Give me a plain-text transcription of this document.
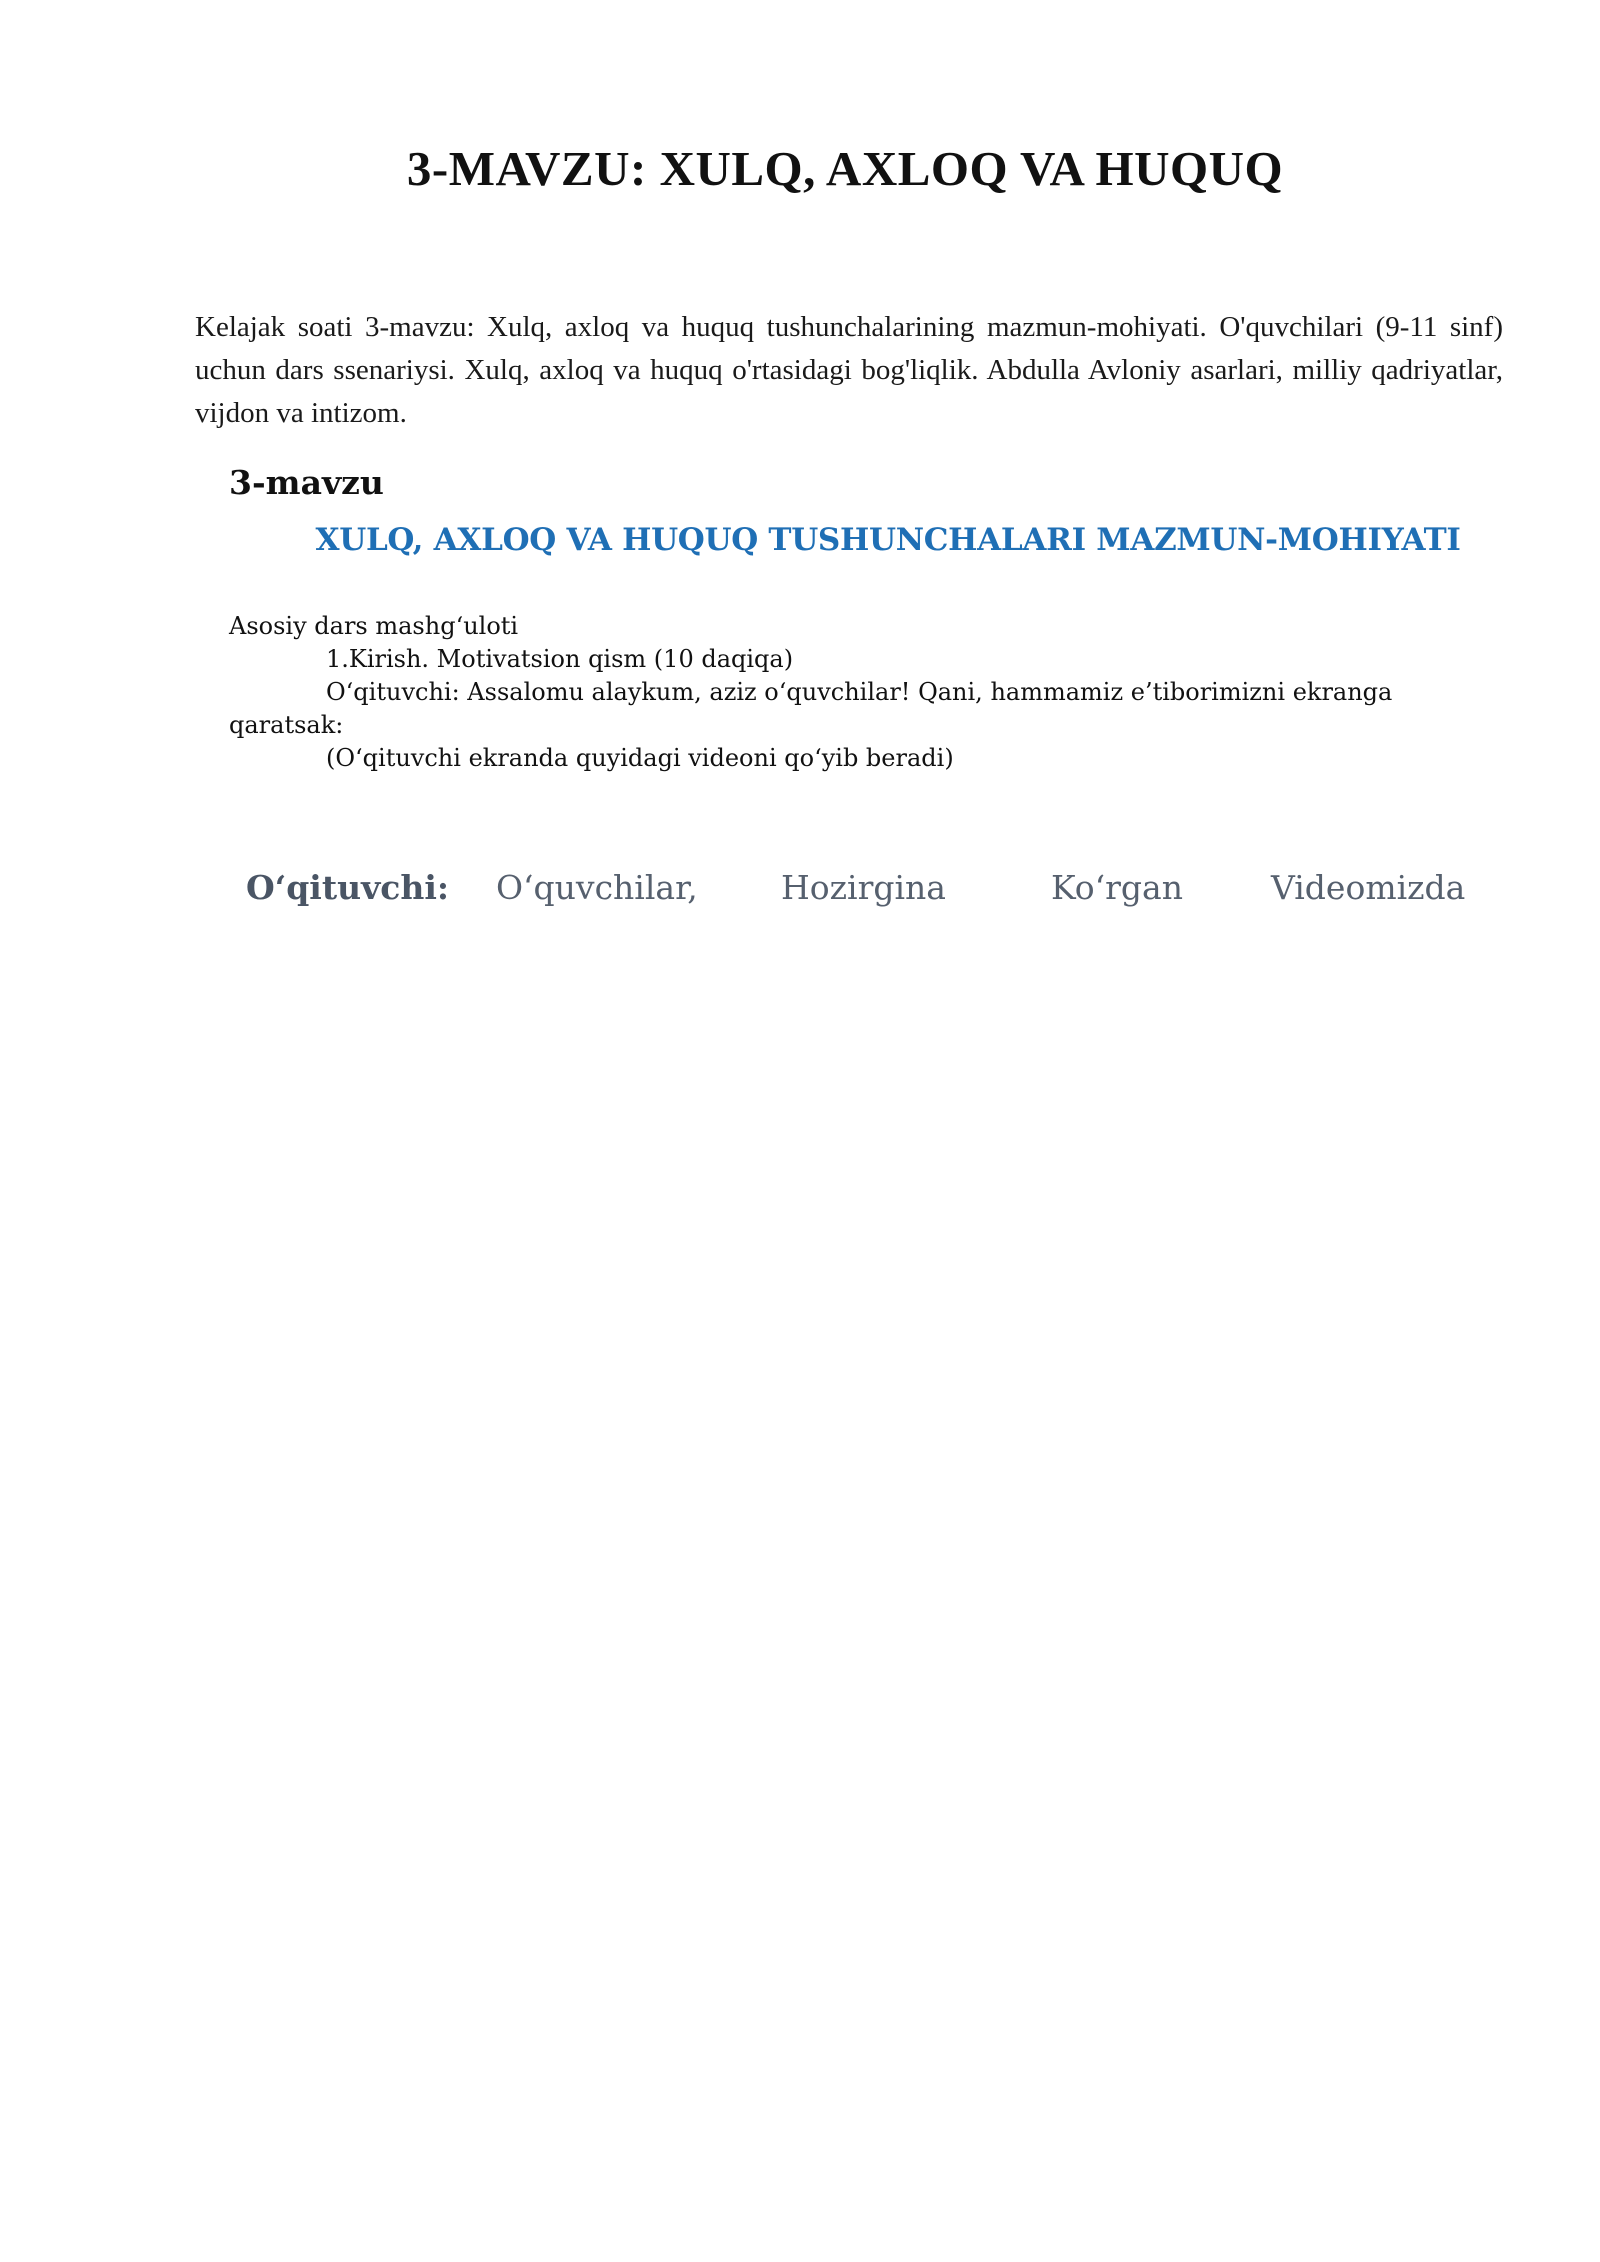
3-MAVZU: XULQ, AXLOQ VA HUQUQ

Kelajak soati 3-mavzu: Xulq, axloq va huquq tushunchalarining mazmun-mohiyati. O'quvchilari (9-11 sinf) uchun dars ssenariysi. Xulq, axloq va huquq o'rtasidagi bog'liqlik. Abdulla Avloniy asarlari, milliy qadriyatlar, vijdon va intizom.

3-mavzu
XULQ, AXLOQ VA HUQUQ TUSHUNCHALARI MAZMUN-MOHIYATI

Asosiy dars mashg‘uloti

1.Kirish. Motivatsion qism (10 daqiqa)

O‘qituvchi: Assalomu alaykum, aziz o‘quvchilar! Qani, hammamiz e’tiborimizni ekranga qaratsak:

(O‘qituvchi ekranda quyidagi videoni qo‘yib beradi)

O‘qituvchi:	O‘quvchilar,	Hozirgina	Ko‘rgan	Videomizda
